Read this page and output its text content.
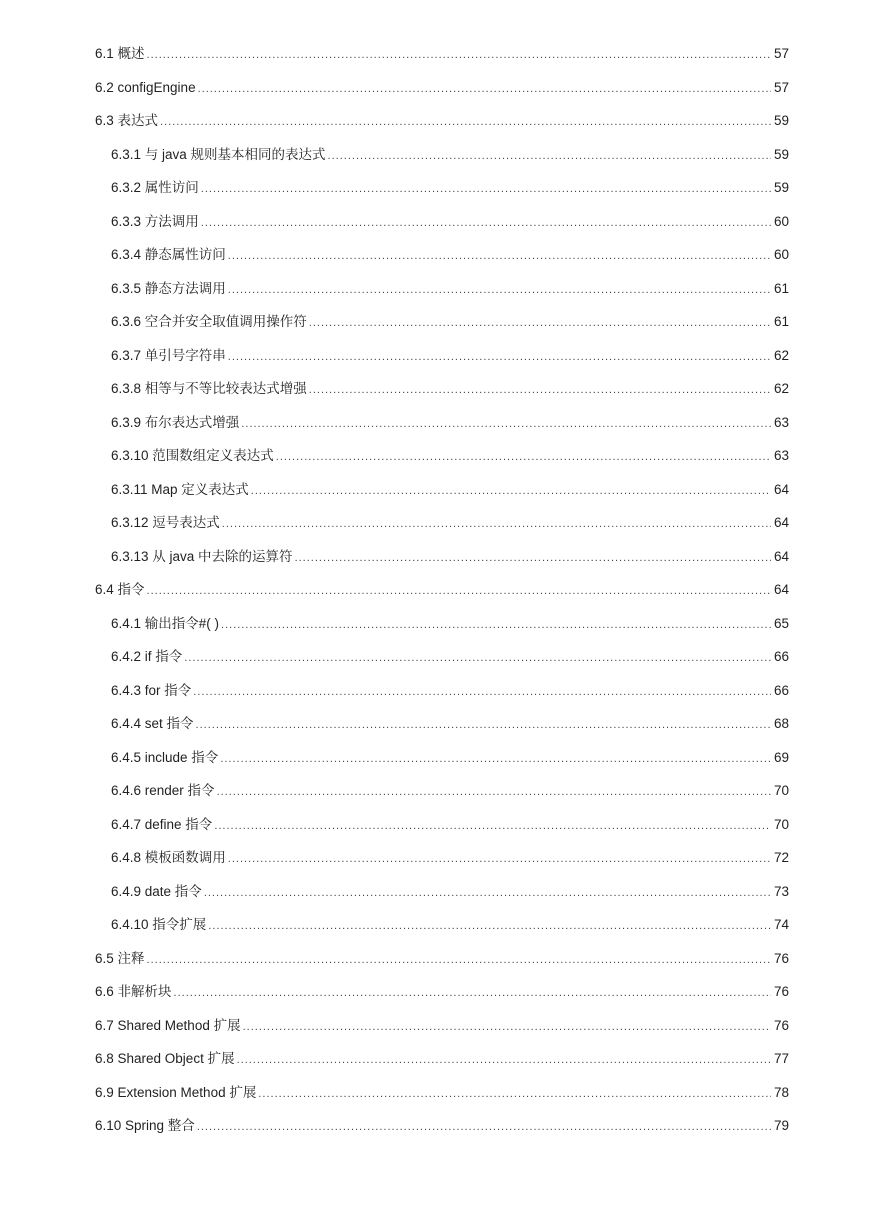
6.1 概述 .....	57
6.2 configEngine .....	57
6.3 表达式 .....	59
6.3.1 与 java 规则基本相同的表达式 .....	59
6.3.2 属性访问 .....	59
6.3.3 方法调用 .....	60
6.3.4 静态属性访问 .....	60
6.3.5 静态方法调用 .....	61
6.3.6 空合并安全取值调用操作符 .....	61
6.3.7 单引号字符串 .....	62
6.3.8 相等与不等比较表达式增强 .....	62
6.3.9 布尔表达式增强 .....	63
6.3.10 范围数组定义表达式 .....	63
6.3.11 Map 定义表达式 .....	64
6.3.12 逗号表达式 .....	64
6.3.13 从 java 中去除的运算符 .....	64
6.4 指令 .....	64
6.4.1 输出指令#( ) .....	65
6.4.2 if 指令 .....	66
6.4.3 for 指令 .....	66
6.4.4 set 指令 .....	68
6.4.5 include 指令 .....	69
6.4.6 render 指令 .....	70
6.4.7 define 指令 .....	70
6.4.8 模板函数调用 .....	72
6.4.9 date 指令 .....	73
6.4.10 指令扩展 .....	74
6.5 注释 .....	76
6.6 非解析块 .....	76
6.7 Shared Method 扩展 .....	76
6.8 Shared Object 扩展 .....	77
6.9 Extension Method 扩展 .....	78
6.10 Spring 整合 .....	79
